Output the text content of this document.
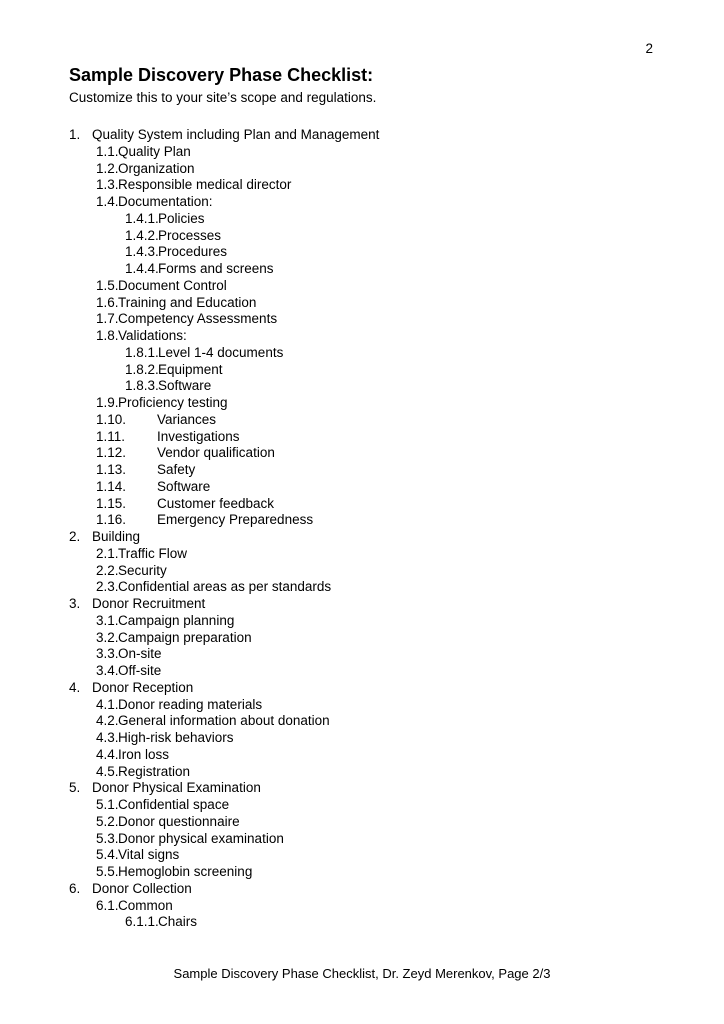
2
Sample Discovery Phase Checklist:

Customize this to your site’s scope and regulations.

1. Quality System including Plan and Management
1.1.Quality Plan
1.2.Organization
1.3.Responsible medical director
1.4.Documentation:
1.4.1.Policies
1.4.2.Processes
1.4.3.Procedures
1.4.4.Forms and screens
1.5.Document Control
1.6.Training and Education
1.7.Competency Assessments
1.8.Validations:
1.8.1.Level 1-4 documents
1.8.2.Equipment
1.8.3.Software
1.9.Proficiency testing
1.10. Variances
1.11. Investigations
1.12. Vendor qualification
1.13. Safety
1.14. Software
1.15. Customer feedback
1.16. Emergency Preparedness
2. Building
2.1.Traffic Flow
2.2.Security
2.3.Confidential areas as per standards
3. Donor Recruitment
3.1.Campaign planning
3.2.Campaign preparation
3.3.On-site
3.4.Off-site
4. Donor Reception
4.1.Donor reading materials
4.2.General information about donation
4.3.High-risk behaviors
4.4.Iron loss
4.5.Registration
5. Donor Physical Examination
5.1.Confidential space
5.2.Donor questionnaire
5.3.Donor physical examination
5.4.Vital signs
5.5.Hemoglobin screening
6. Donor Collection
6.1.Common
6.1.1.Chairs
Sample Discovery Phase Checklist, Dr. Zeyd Merenkov, Page 2/3
